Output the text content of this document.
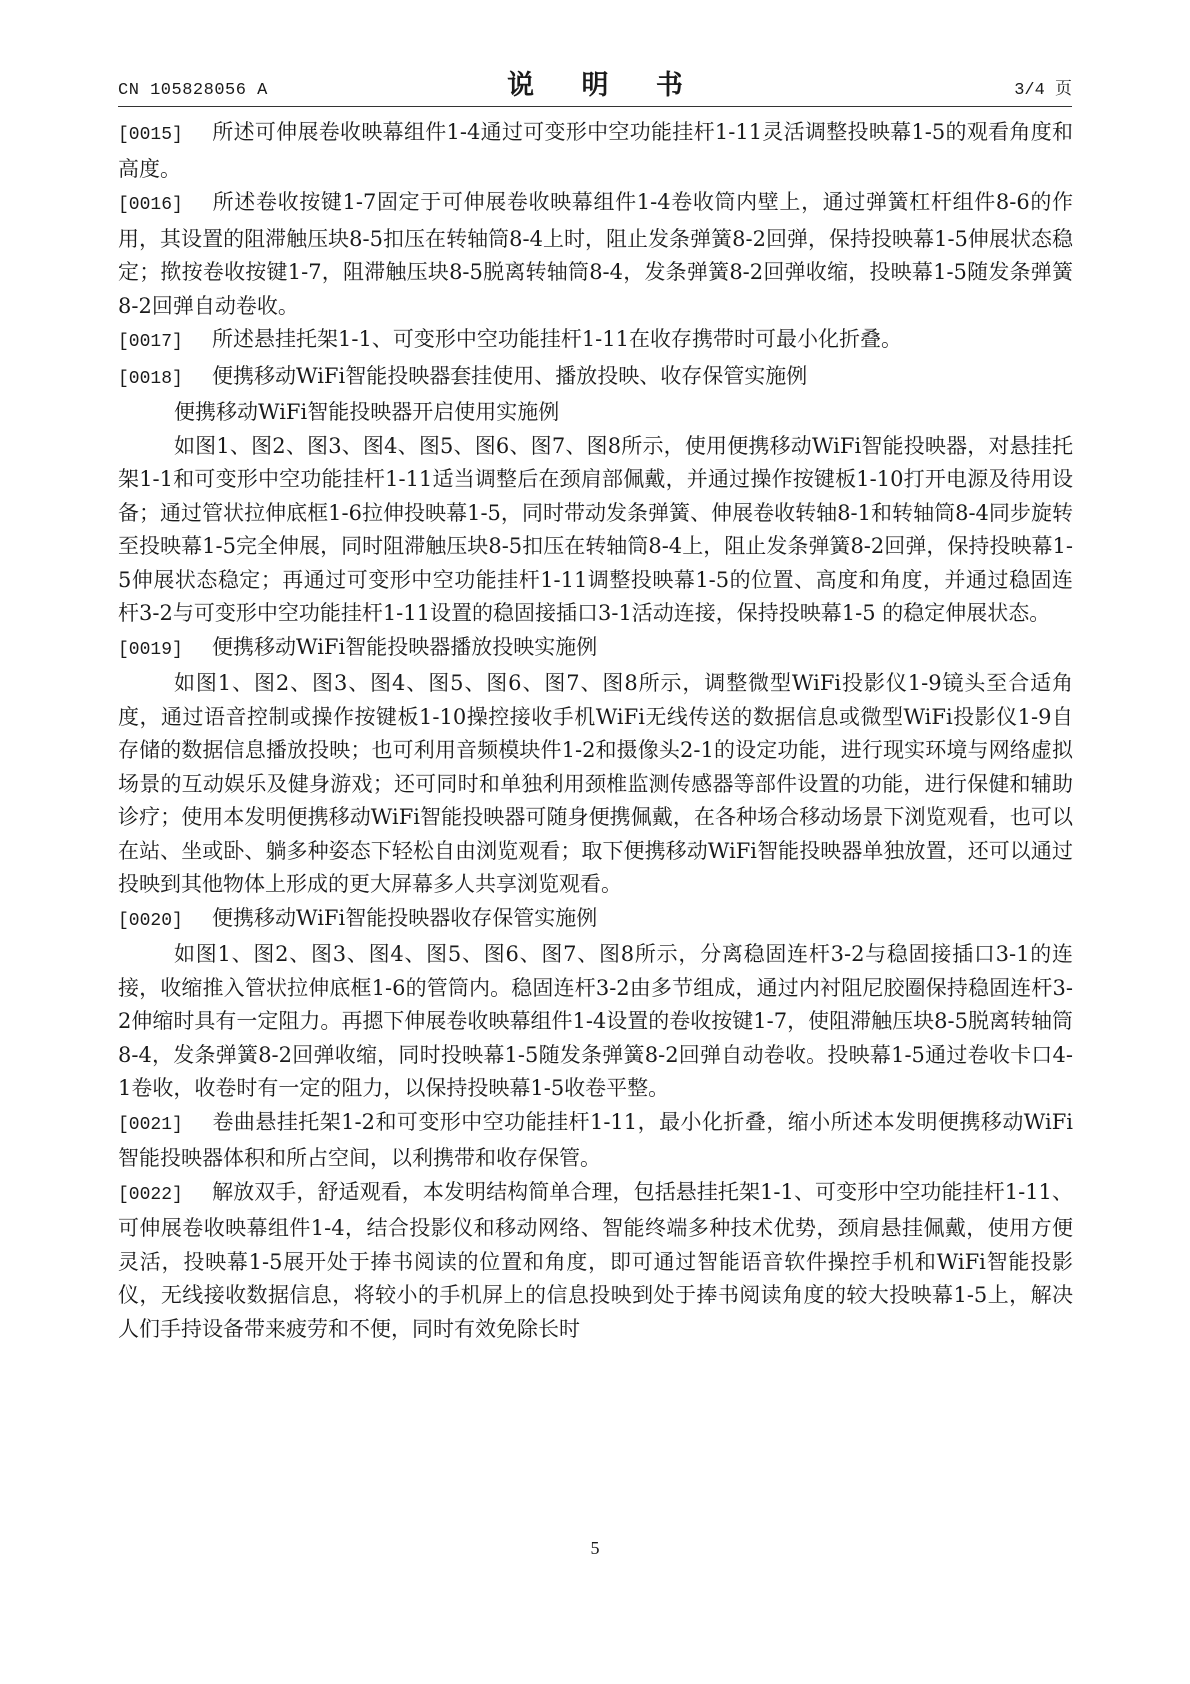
CN 105828056 A	说 明 书	3/4 页

[0015] 所述可伸展卷收映幕组件1-4通过可变形中空功能挂杆1-11灵活调整投映幕1-5的观看角度和高度。

[0016] 所述卷收按键1-7固定于可伸展卷收映幕组件1-4卷收筒内壁上，通过弹簧杠杆组件8-6的作用，其设置的阻滞触压块8-5扣压在转轴筒8-4上时，阻止发条弹簧8-2回弹，保持投映幕1-5伸展状态稳定；揿按卷收按键1-7，阻滞触压块8-5脱离转轴筒8-4，发条弹簧8-2回弹收缩，投映幕1-5随发条弹簧8-2回弹自动卷收。

[0017] 所述悬挂托架1-1、可变形中空功能挂杆1-11在收存携带时可最小化折叠。

[0018] 便携移动WiFi智能投映器套挂使用、播放投映、收存保管实施例

便携移动WiFi智能投映器开启使用实施例

如图1、图2、图3、图4、图5、图6、图7、图8所示，使用便携移动WiFi智能投映器，对悬挂托架1-1和可变形中空功能挂杆1-11适当调整后在颈肩部佩戴，并通过操作按键板1-10打开电源及待用设备；通过管状拉伸底框1-6拉伸投映幕1-5，同时带动发条弹簧、伸展卷收转轴8-1和转轴筒8-4同步旋转至投映幕1-5完全伸展，同时阻滞触压块8-5扣压在转轴筒8-4上，阻止发条弹簧8-2回弹，保持投映幕1-5伸展状态稳定；再通过可变形中空功能挂杆1-11调整投映幕1-5的位置、高度和角度，并通过稳固连杆3-2与可变形中空功能挂杆1-11设置的稳固接插口3-1活动连接，保持投映幕1-5 的稳定伸展状态。

[0019] 便携移动WiFi智能投映器播放投映实施例

如图1、图2、图3、图4、图5、图6、图7、图8所示，调整微型WiFi投影仪1-9镜头至合适角度，通过语音控制或操作按键板1-10操控接收手机WiFi无线传送的数据信息或微型WiFi投影仪1-9自存储的数据信息播放投映；也可利用音频模块件1-2和摄像头2-1的设定功能，进行现实环境与网络虚拟场景的互动娱乐及健身游戏；还可同时和单独利用颈椎监测传感器等部件设置的功能，进行保健和辅助诊疗；使用本发明便携移动WiFi智能投映器可随身便携佩戴，在各种场合移动场景下浏览观看，也可以在站、坐或卧、躺多种姿态下轻松自由浏览观看；取下便携移动WiFi智能投映器单独放置，还可以通过投映到其他物体上形成的更大屏幕多人共享浏览观看。

[0020] 便携移动WiFi智能投映器收存保管实施例

如图1、图2、图3、图4、图5、图6、图7、图8所示，分离稳固连杆3-2与稳固接插口3-1的连接，收缩推入管状拉伸底框1-6的管筒内。稳固连杆3-2由多节组成，通过内衬阻尼胶圈保持稳固连杆3-2伸缩时具有一定阻力。再摁下伸展卷收映幕组件1-4设置的卷收按键1-7，使阻滞触压块8-5脱离转轴筒8-4，发条弹簧8-2回弹收缩，同时投映幕1-5随发条弹簧8-2回弹自动卷收。投映幕1-5通过卷收卡口4-1卷收，收卷时有一定的阻力，以保持投映幕1-5收卷平整。

[0021] 卷曲悬挂托架1-2和可变形中空功能挂杆1-11，最小化折叠，缩小所述本发明便携移动WiFi智能投映器体积和所占空间，以利携带和收存保管。

[0022] 解放双手，舒适观看，本发明结构简单合理，包括悬挂托架1-1、可变形中空功能挂杆1-11、可伸展卷收映幕组件1-4，结合投影仪和移动网络、智能终端多种技术优势，颈肩悬挂佩戴，使用方便灵活，投映幕1-5展开处于捧书阅读的位置和角度，即可通过智能语音软件操控手机和WiFi智能投影仪，无线接收数据信息，将较小的手机屏上的信息投映到处于捧书阅读角度的较大投映幕1-5上，解决人们手持设备带来疲劳和不便，同时有效免除长时

5
